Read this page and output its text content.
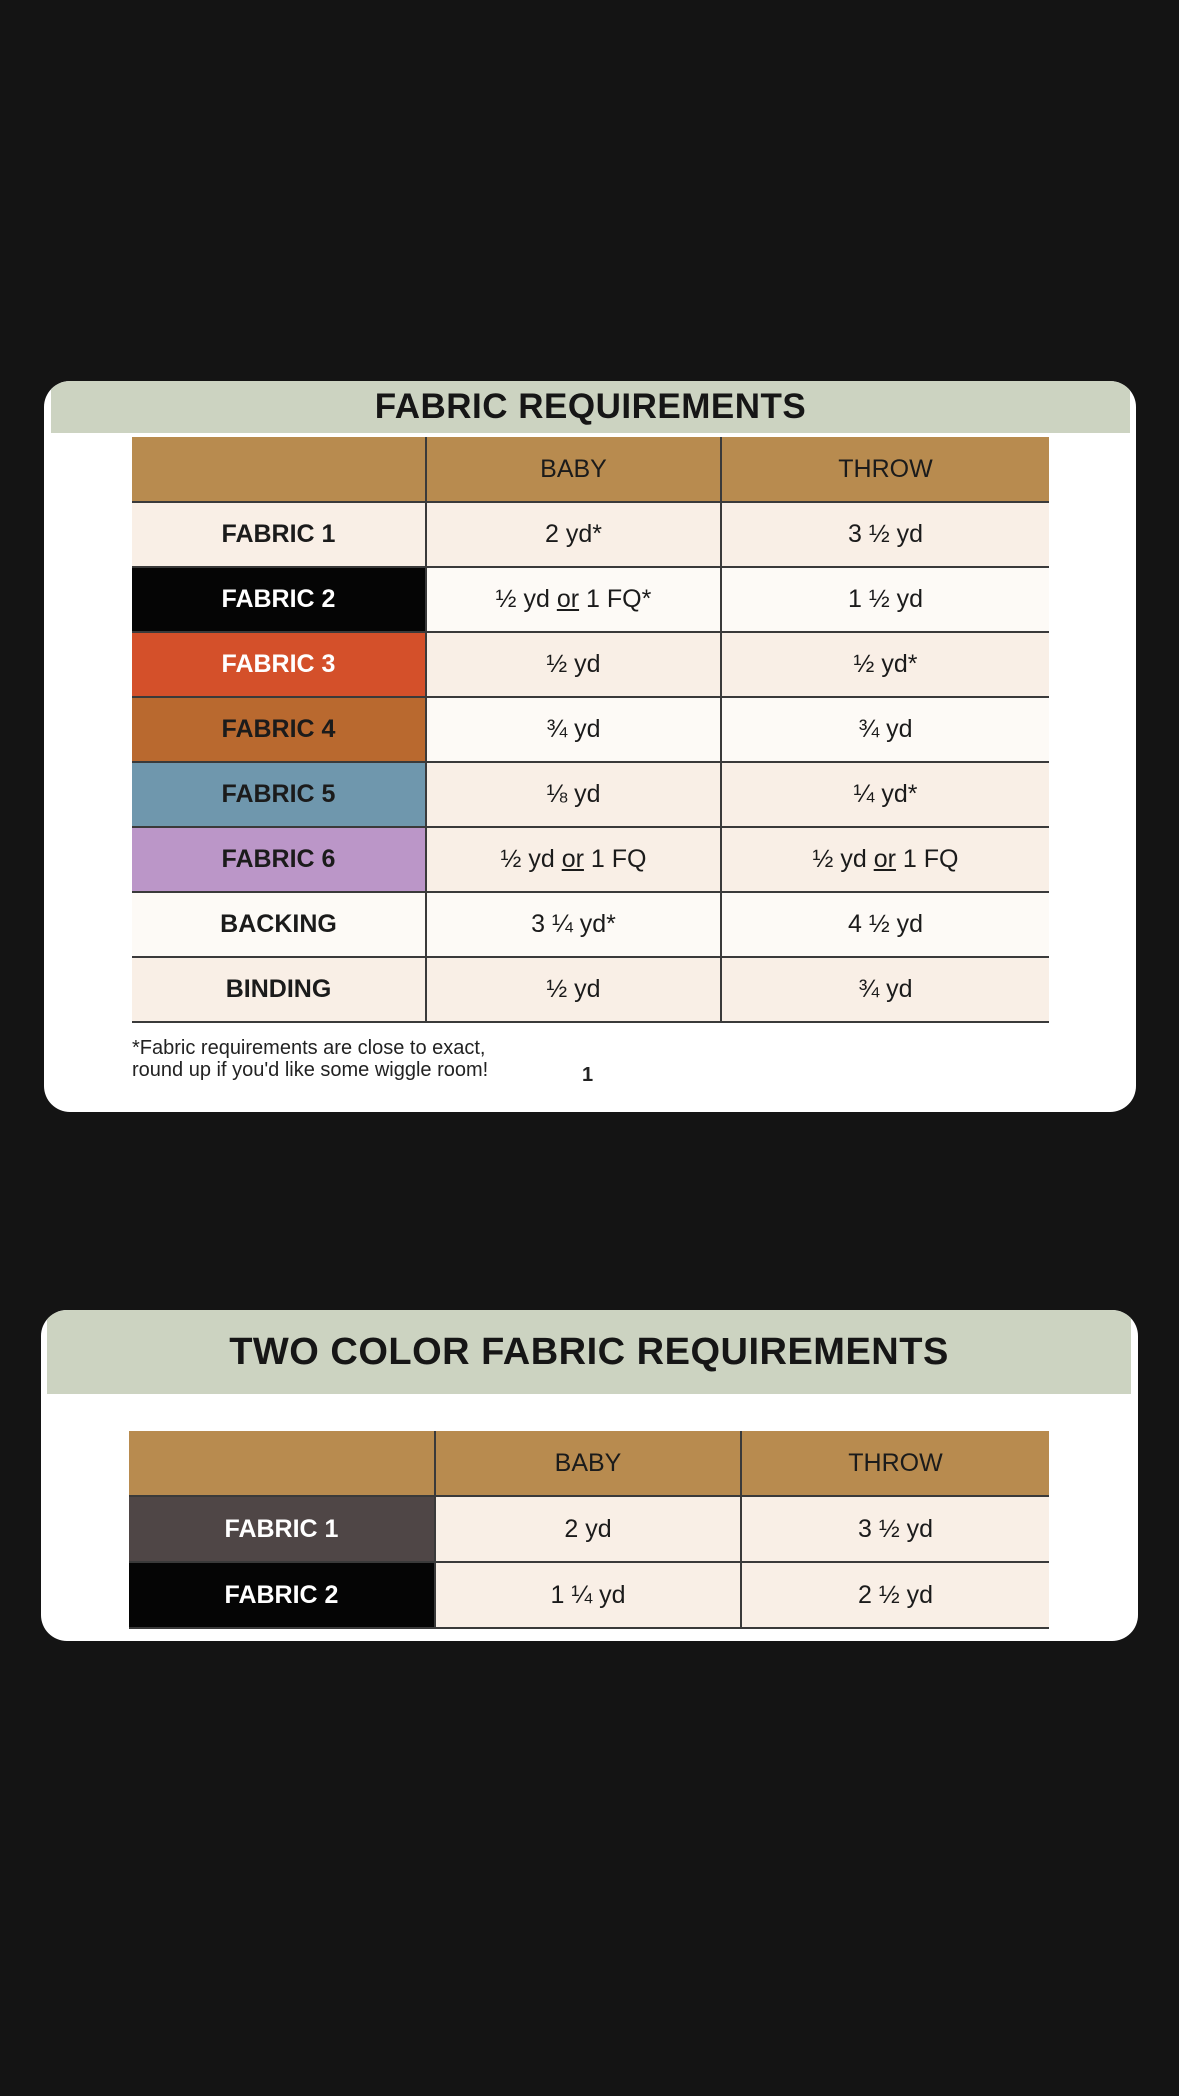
FABRIC REQUIREMENTS
	BABY	THROW
FABRIC 1	2 yd*	3 ½ yd
FABRIC 2	½ yd or 1 FQ*	1 ½ yd
FABRIC 3	½ yd	½ yd*
FABRIC 4	¾ yd	¾ yd
FABRIC 5	⅛ yd	¼ yd*
FABRIC 6	½ yd or 1 FQ	½ yd or 1 FQ
BACKING	3 ¼ yd*	4 ½ yd
BINDING	½ yd	¾ yd
*Fabric requirements are close to exact,
round up if you'd like some wiggle room!	1
TWO COLOR FABRIC REQUIREMENTS
	BABY	THROW
FABRIC 1	2 yd	3 ½ yd
FABRIC 2	1 ¼ yd	2 ½ yd
